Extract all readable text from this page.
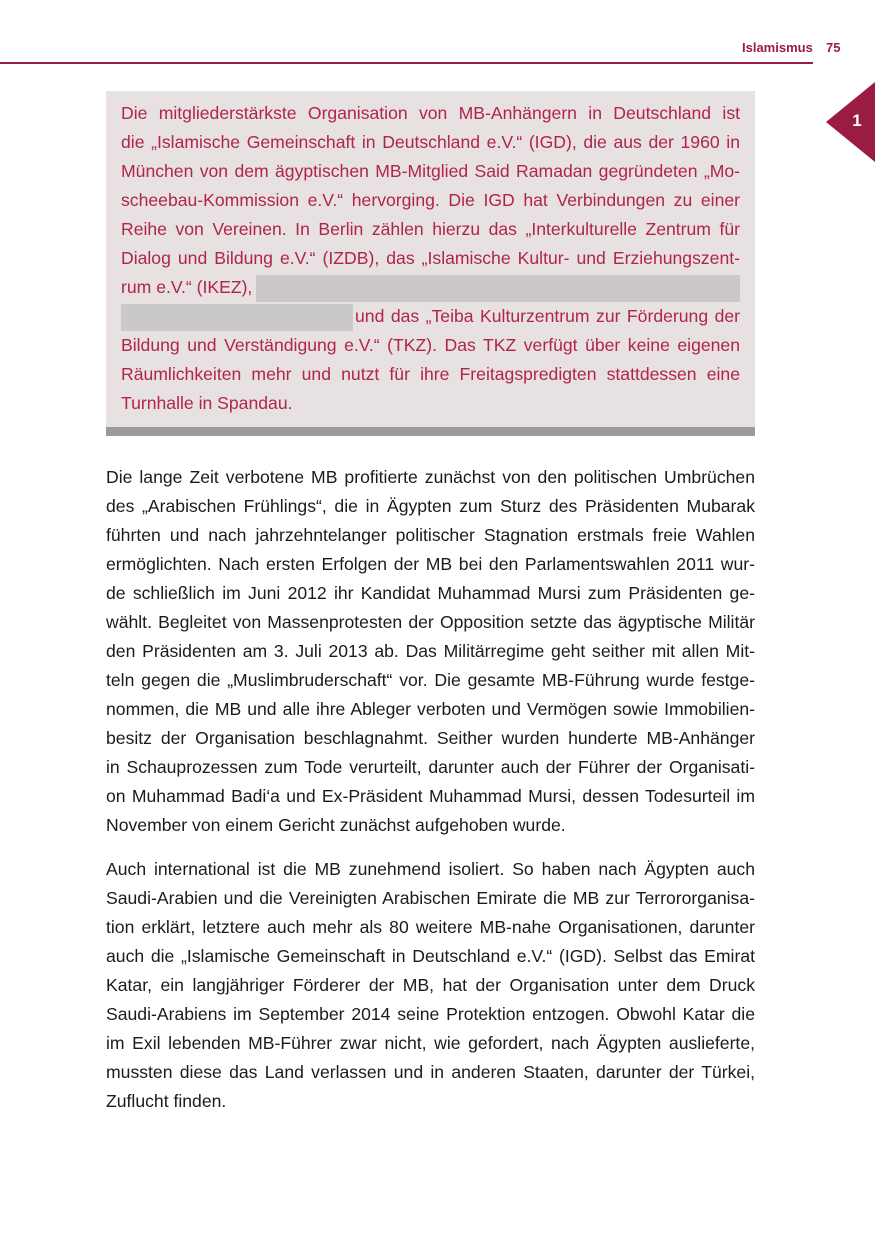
Islamismus 75
1
Die mitgliederstärkste Organisation von MB-Anhängern in Deutschland ist
die „Islamische Gemeinschaft in Deutschland e.V.“ (IGD), die aus der 1960 in
München von dem ägyptischen MB-Mitglied Said Ramadan gegründeten „Mo-
scheebau-Kommission e.V.“ hervorging. Die IGD hat Verbindungen zu einer
Reihe von Vereinen. In Berlin zählen hierzu das „Interkulturelle Zentrum für
Dialog und Bildung e.V.“ (IZDB), das „Islamische Kultur- und Erziehungszent-
rum e.V.“ (IKEZ),
und das „Teiba Kulturzentrum zur Förderung der
Bildung und Verständigung e.V.“ (TKZ). Das TKZ verfügt über keine eigenen
Räumlichkeiten mehr und nutzt für ihre Freitagspredigten stattdessen eine
Turnhalle in Spandau.
Die lange Zeit verbotene MB profitierte zunächst von den politischen Umbrüchen
des „Arabischen Frühlings“, die in Ägypten zum Sturz des Präsidenten Mubarak
führten und nach jahrzehntelanger politischer Stagnation erstmals freie Wahlen
ermöglichten. Nach ersten Erfolgen der MB bei den Parlamentswahlen 2011 wur-
de schließlich im Juni 2012 ihr Kandidat Muhammad Mursi zum Präsidenten ge-
wählt. Begleitet von Massenprotesten der Opposition setzte das ägyptische Militär
den Präsidenten am 3. Juli 2013 ab. Das Militärregime geht seither mit allen Mit-
teln gegen die „Muslimbruderschaft“ vor. Die gesamte MB-Führung wurde festge-
nommen, die MB und alle ihre Ableger verboten und Vermögen sowie Immobilien-
besitz der Organisation beschlagnahmt. Seither wurden hunderte MB-Anhänger
in Schauprozessen zum Tode verurteilt, darunter auch der Führer der Organisati-
on Muhammad Badi‘a und Ex-Präsident Muhammad Mursi, dessen Todesurteil im
November von einem Gericht zunächst aufgehoben wurde.
Auch international ist die MB zunehmend isoliert. So haben nach Ägypten auch
Saudi-Arabien und die Vereinigten Arabischen Emirate die MB zur Terrororganisa-
tion erklärt, letztere auch mehr als 80 weitere MB-nahe Organisationen, darunter
auch die „Islamische Gemeinschaft in Deutschland e.V.“ (IGD). Selbst das Emirat
Katar, ein langjähriger Förderer der MB, hat der Organisation unter dem Druck
Saudi-Arabiens im September 2014 seine Protektion entzogen. Obwohl Katar die
im Exil lebenden MB-Führer zwar nicht, wie gefordert, nach Ägypten auslieferte,
mussten diese das Land verlassen und in anderen Staaten, darunter der Türkei,
Zuflucht finden.
